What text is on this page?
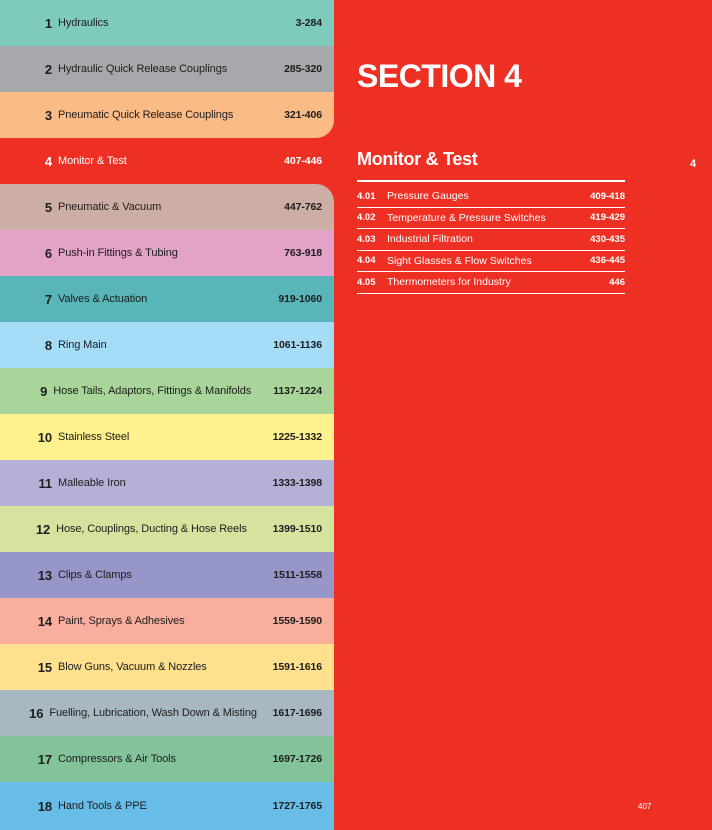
1 Hydraulics	3-284
2 Hydraulic Quick Release Couplings	285-320
3 Pneumatic Quick Release Couplings	321-406
4 Monitor & Test	407-446
5 Pneumatic & Vacuum	447-762
6 Push-in Fittings & Tubing	763-918
7 Valves & Actuation	919-1060
8 Ring Main	1061-1136
9 Hose Tails, Adaptors, Fittings & Manifolds	1137-1224
10 Stainless Steel	1225-1332
11 Malleable Iron	1333-1398
12 Hose, Couplings, Ducting & Hose Reels	1399-1510
13 Clips & Clamps	1511-1558
14 Paint, Sprays & Adhesives	1559-1590
15 Blow Guns, Vacuum & Nozzles	1591-1616
16 Fuelling, Lubrication, Wash Down & Misting	1617-1696
17 Compressors & Air Tools	1697-1726
18 Hand Tools & PPE	1727-1765
SECTION 4
Monitor & Test	4
4.01	Pressure Gauges	409-418
4.02	Temperature & Pressure Switches	419-429
4.03	Industrial Filtration	430-435
4.04	Sight Glasses & Flow Switches	436-445
4.05	Thermometers for Industry	446
407
